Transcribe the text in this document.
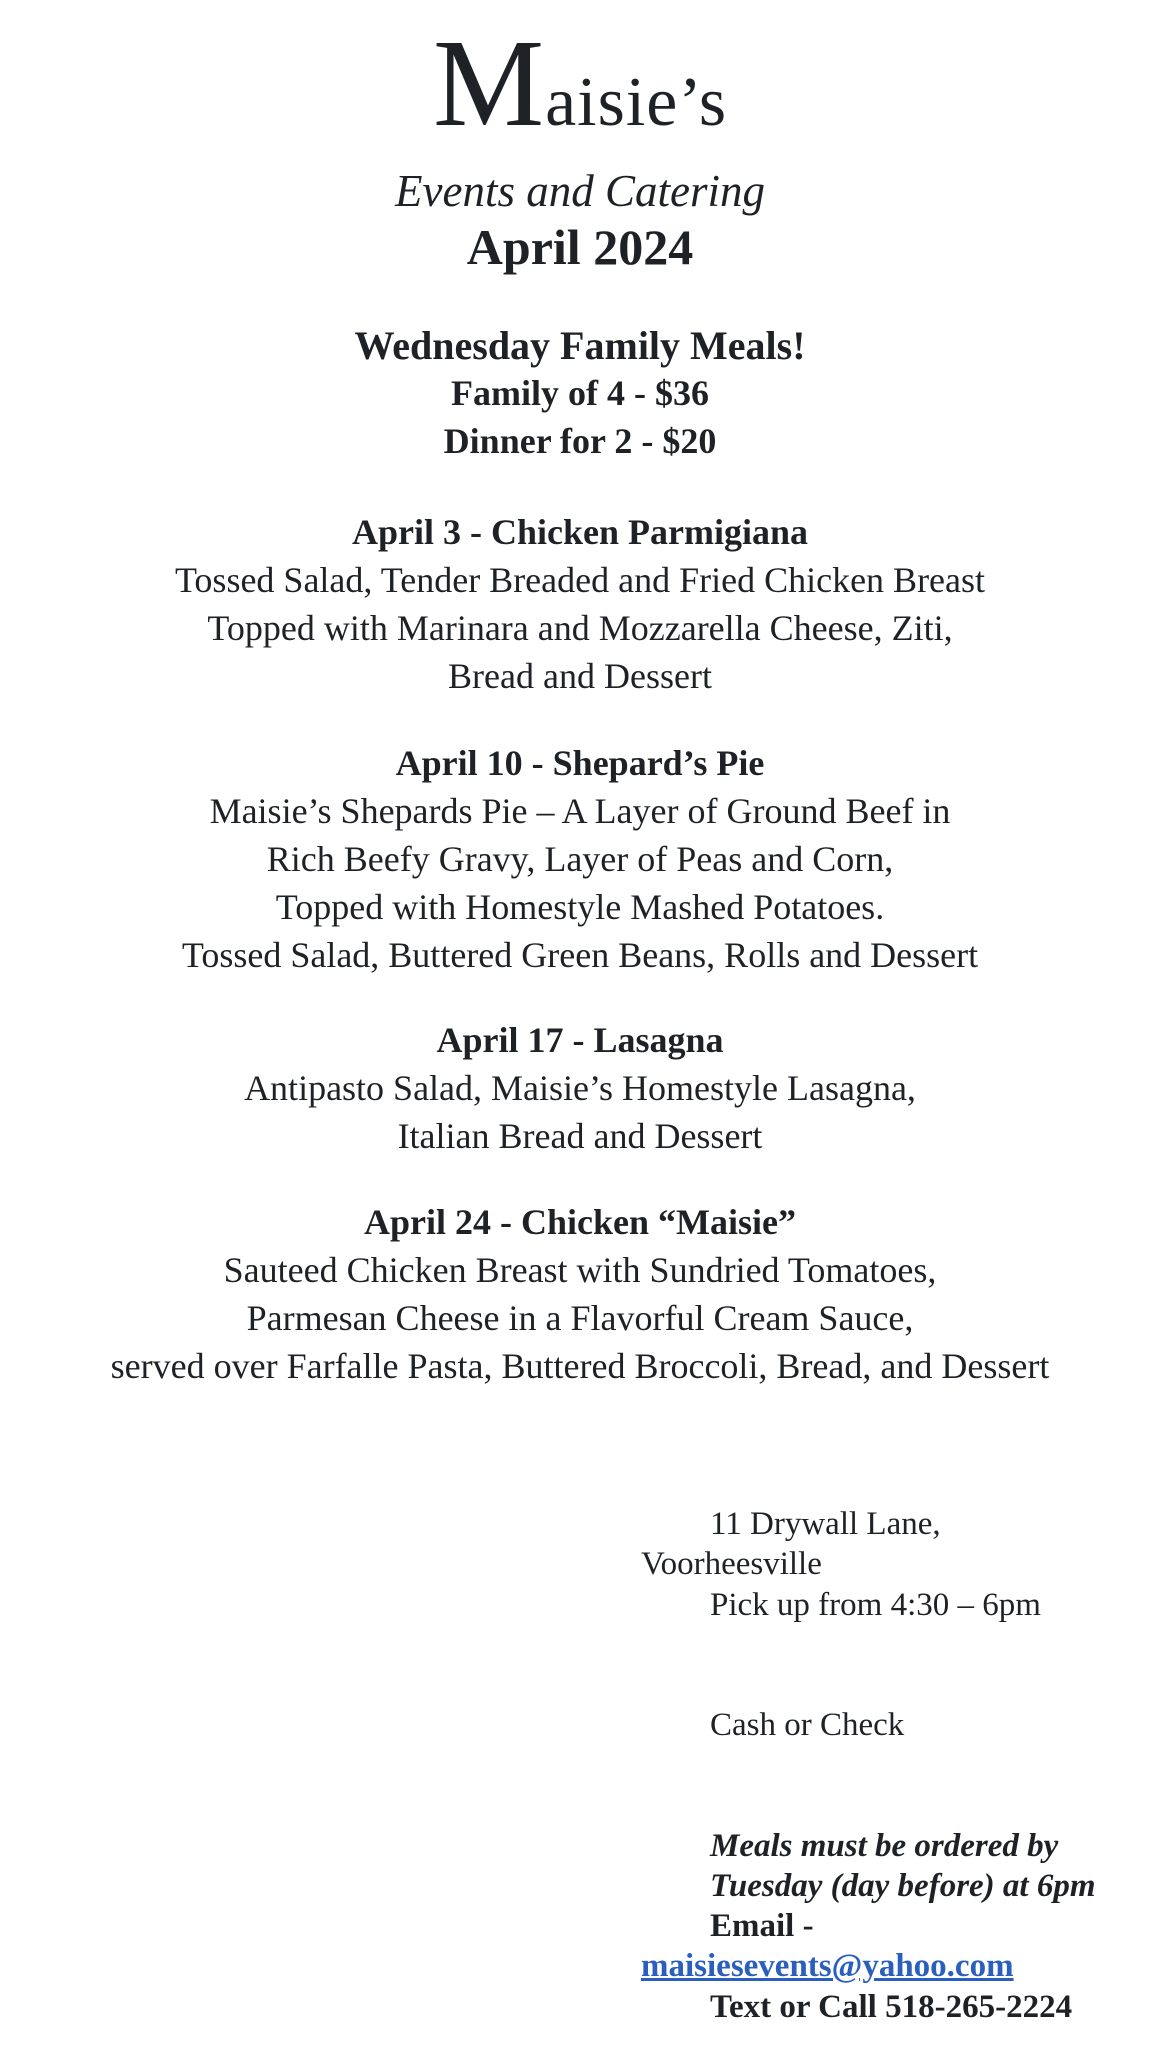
Maisie’s
Events and Catering
April 2024
Wednesday Family Meals!
Family of 4 - $36
Dinner for 2 - $20
April 3 - Chicken Parmigiana
Tossed Salad, Tender Breaded and Fried Chicken Breast
Topped with Marinara and Mozzarella Cheese, Ziti,
Bread and Dessert
April 10 - Shepard’s Pie
Maisie’s Shepards Pie – A Layer of Ground Beef in
Rich Beefy Gravy, Layer of Peas and Corn,
Topped with Homestyle Mashed Potatoes.
Tossed Salad, Buttered Green Beans, Rolls and Dessert
April 17 - Lasagna
Antipasto Salad, Maisie’s Homestyle Lasagna,
Italian Bread and Dessert
April 24 - Chicken “Maisie”
Sauteed Chicken Breast with Sundried Tomatoes,
Parmesan Cheese in a Flavorful Cream Sauce,
served over Farfalle Pasta, Buttered Broccoli, Bread, and Dessert
11 Drywall Lane,
Voorheesville
Pick up from 4:30 – 6pm
Cash or Check
Meals must be ordered by
Tuesday (day before) at 6pm
Email -
maisiesevents@yahoo.com
Text or Call 518-265-2224
